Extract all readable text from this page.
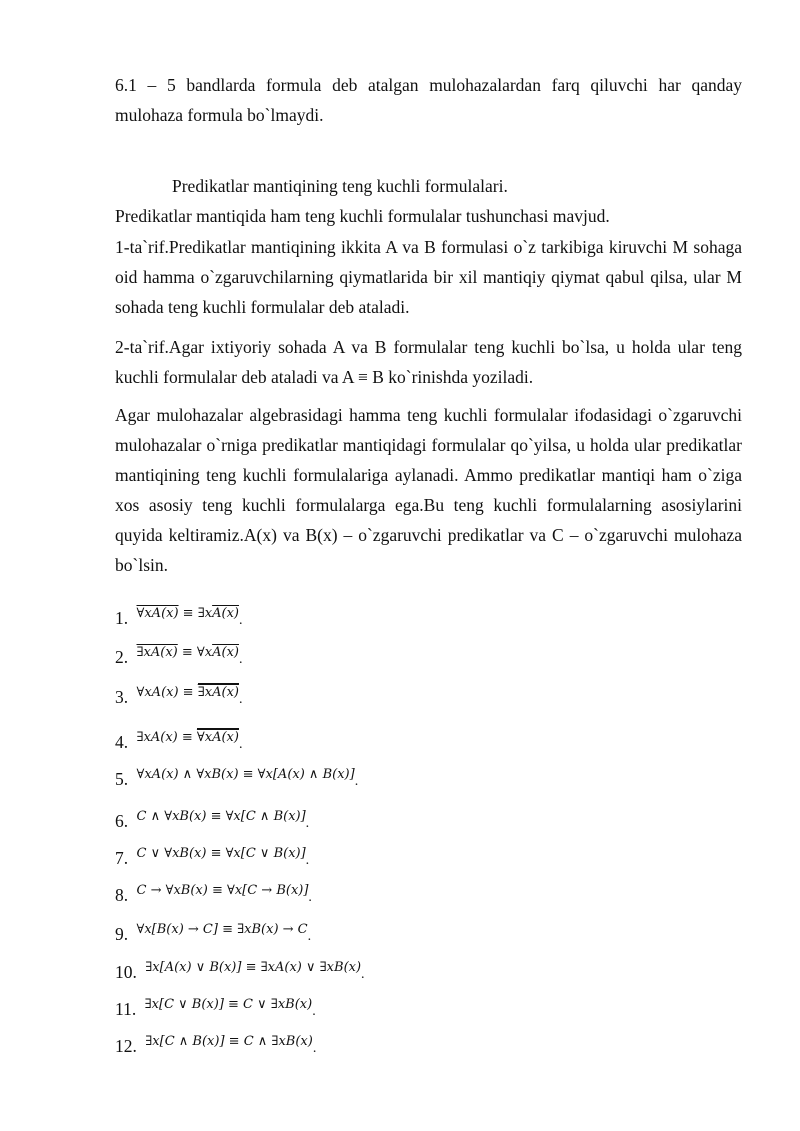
6.1 – 5 bandlarda formula deb atalgan mulohazalardan farq qiluvchi har qanday mulohaza formula bo`lmaydi.

Predikatlar mantiqining teng kuchli formulalari.

Predikatlar mantiqida ham teng kuchli formulalar tushunchasi mavjud.

1-ta`rif.Predikatlar mantiqining ikkita A va B formulasi o`z tarkibiga kiruvchi M sohaga oid hamma o`zgaruvchilarning qiymatlarida bir xil mantiqiy qiymat qabul qilsa, ular M sohada teng kuchli formulalar deb ataladi.

2-ta`rif.Agar ixtiyoriy sohada A va B formulalar teng kuchli bo`lsa, u holda ular teng kuchli formulalar deb ataladi va A ≡ B ko`rinishda yoziladi.

Agar mulohazalar algebrasidagi hamma teng kuchli formulalar ifodasidagi o`zgaruvchi mulohazalar o`rniga predikatlar mantiqidagi formulalar qo`yilsa, u holda ular predikatlar mantiqining teng kuchli formulalariga aylanadi. Ammo predikatlar mantiqi ham o`ziga xos asosiy teng kuchli formulalarga ega.Bu teng kuchli formulalarning asosiylarini quyida keltiramiz.A(x) va B(x) – o`zgaruvchi predikatlar va C – o`zgaruvchi mulohaza bo`lsin.

1. $^{\forall xA(x) \equiv \exists xA(x)}$.
2. $^{\exists xA(x) \equiv \forall xA(x)}$.
3. $^{\forall xA(x) \equiv \exists xA(x)}$.
4. $^{\exists xA(x) \equiv \forall xA(x)}$.
5. $^{\forall xA(x) \wedge \forall xB(x) \equiv \forall x[A(x) \wedge B(x)]}$.
6. $^{C \wedge \forall xB(x) \equiv \forall x[C \wedge B(x)]}$.
7. $^{C \vee \forall xB(x) \equiv \forall x[C \vee B(x)]}$.
8. $^{C \to \forall xB(x) \equiv \forall x[C \to B(x)]}$.
9. $^{\forall x[B(x) \to C] \equiv \exists xB(x) \to C}$.
10. $^{\exists x[A(x) \vee B(x)] \equiv \exists xA(x) \vee \exists xB(x)}$.
11. $^{\exists x[C \vee B(x)] \equiv C \vee \exists xB(x)}$.
12. $^{\exists x[C \wedge B(x)] \equiv C \wedge \exists xB(x)}$.
